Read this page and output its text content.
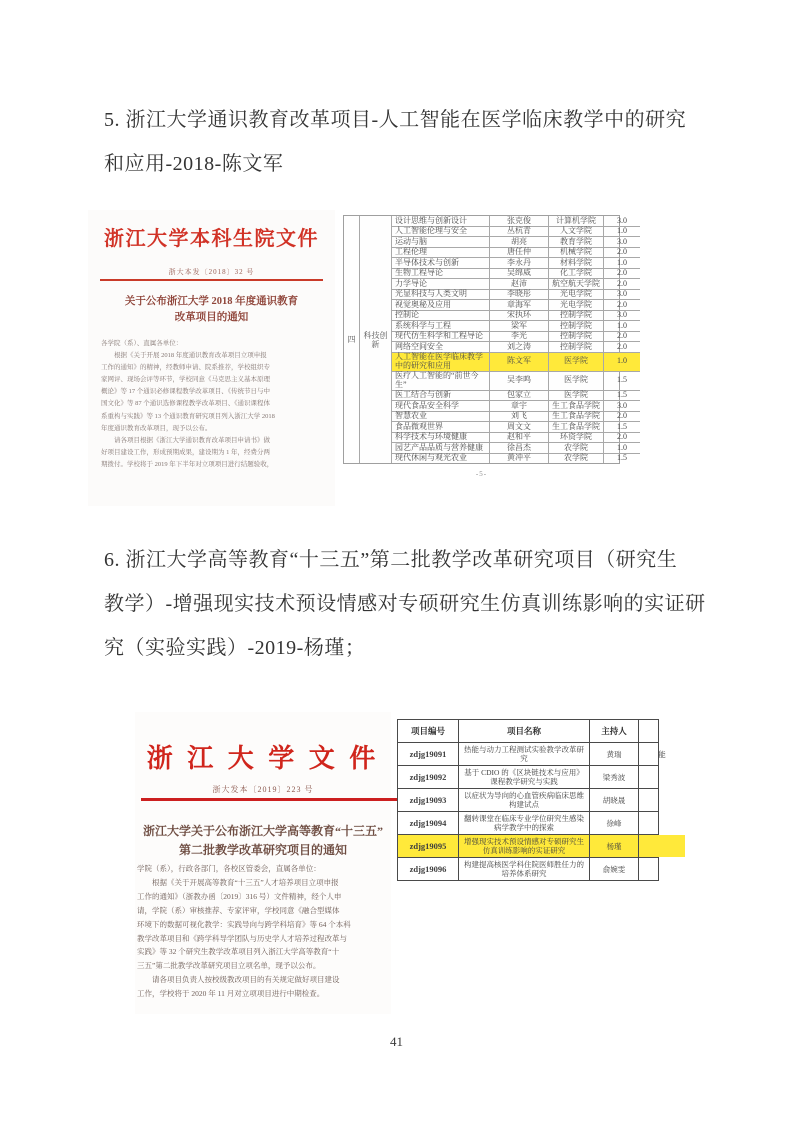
5. 浙江大学通识教育改革项目-人工智能在医学临床教学中的研究
和应用-2018-陈文军
浙江大学本科生院文件
浙大本发〔2018〕32 号
关于公布浙江大学 2018 年度通识教育
改革项目的通知
各学院（系）、直属各单位：
　　根据《关于开展 2018 年度通识教育改革项目立项申报
工作的通知》的精神，经教师申请、院系推荐，学校组织专
家网评、现场会评等环节，学校同意《马克思主义基本原理
概论》等 17 个通识必修课程教学改革项目、《传统节日与中
国文化》等 87 个通识选修课程教学改革项目、《通识课程体
系重构与实践》等 13 个通识教育研究项目列入浙江大学 2018
年度通识教育改革项目，现予以公布。
　　请各项目根据《浙江大学通识教育改革项目申请书》做
好项目建设工作，形成预期成果，建设期为 1 年，经费分两
期拨付。学校将于 2019 年下半年对立项项目进行结题验收，
四	科技创新
设计思维与创新设计	张克俊	计算机学院	3.0
人工智能伦理与安全	丛杭青	人文学院	1.0
运动与脑	胡亮	教育学院	3.0
工程伦理	唐任仲	机械学院	2.0
半导体技术与创新	李永丹	材料学院	1.0
生物工程导论	吴绵威	化工学院	2.0
力学导论	赵沛	航空航天学院	2.0
光显科技与人类文明	李晓彤	光电学院	3.0
视觉奥秘及应用	章海军	光电学院	2.0
控制论	宋执环	控制学院	3.0
系统科学与工程	梁军	控制学院	1.0
现代仿生科学和工程导论	李光	控制学院	2.0
网络空间安全	刘之涛	控制学院	2.0
人工智能在医学临床教学中的研究和应用	陈文军	医学院	1.0
医疗人工智能的“前世今生”	吴李鸣	医学院	1.5
医工结合与创新	包家立	医学院	1.5
现代食品安全科学	章宇	生工食品学院	3.0
智慧农业	刘飞	生工食品学院	2.0
食品微观世界	周文文	生工食品学院	1.5
科学技术与环境健康	赵和平	环资学院	2.0
园艺产品品质与营养健康	徐昌杰	农学院	1.0
现代休闲与观光农业	黄冲平	农学院	1.5
-5-
6. 浙江大学高等教育“十三五”第二批教学改革研究项目（研究生
教学）-增强现实技术预设情感对专硕研究生仿真训练影响的实证研
究（实验实践）-2019-杨瑾；
浙 江 大 学 文 件
浙大发本〔2019〕223 号
浙江大学关于公布浙江大学高等教育“十三五”
第二批教学改革研究项目的通知
学院（系），行政各部门，各校区管委会，直属各单位：
　　根据《关于开展高等教育“十三五”人才培养项目立项申报
工作的通知》（浙教办函〔2019〕316 号）文件精神，经个人申
请，学院（系）审核推荐、专家评审，学校同意《融合型媒体
环境下的数据可视化教学：实践导向与跨学科培育》等 64 个本科
教学改革项目和《跨学科导学团队与历史学人才培养过程改革与
实践》等 32 个研究生教学改革项目列入浙江大学高等教育“十
三五”第二批教学改革研究项目立项名单，现予以公布。
　　请各项目负责人按校级教改项目的有关规定做好项目建设
工作，学校将于 2020 年 11 月对立项项目进行中期检查。
项目编号	项目名称	主持人
zdjg19091	热能与动力工程测试实验教学改革研究	黄瑞	能
zdjg19092	基于 CDIO 的《区块链技术与应用》课程教学研究与实践	梁秀波
zdjg19093	以症状为导向的心血管疾病临床思维构建试点	胡晓晟
zdjg19094	翻转课堂在临床专业学位研究生感染病学教学中的探索	徐峰
zdjg19095	增强现实技术预设情感对专硕研究生仿真训练影响的实证研究	杨瑾
zdjg19096	构建提高核医学科住院医师胜任力的培养体系研究	俞婉雯
41
